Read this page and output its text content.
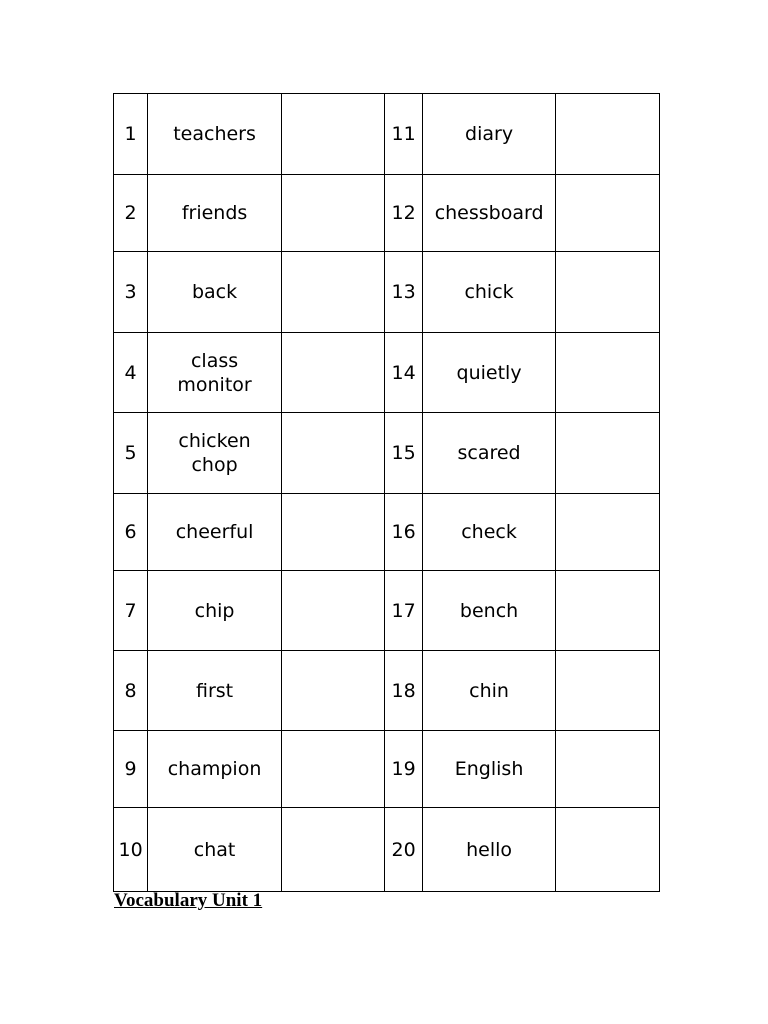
1	teachers		11	diary	
2	friends		12	chessboard	
3	back		13	chick	
4	class monitor		14	quietly	
5	chicken chop		15	scared	
6	cheerful		16	check	
7	chip		17	bench	
8	first		18	chin	
9	champion		19	English	
10	chat		20	hello	
Vocabulary Unit 1
